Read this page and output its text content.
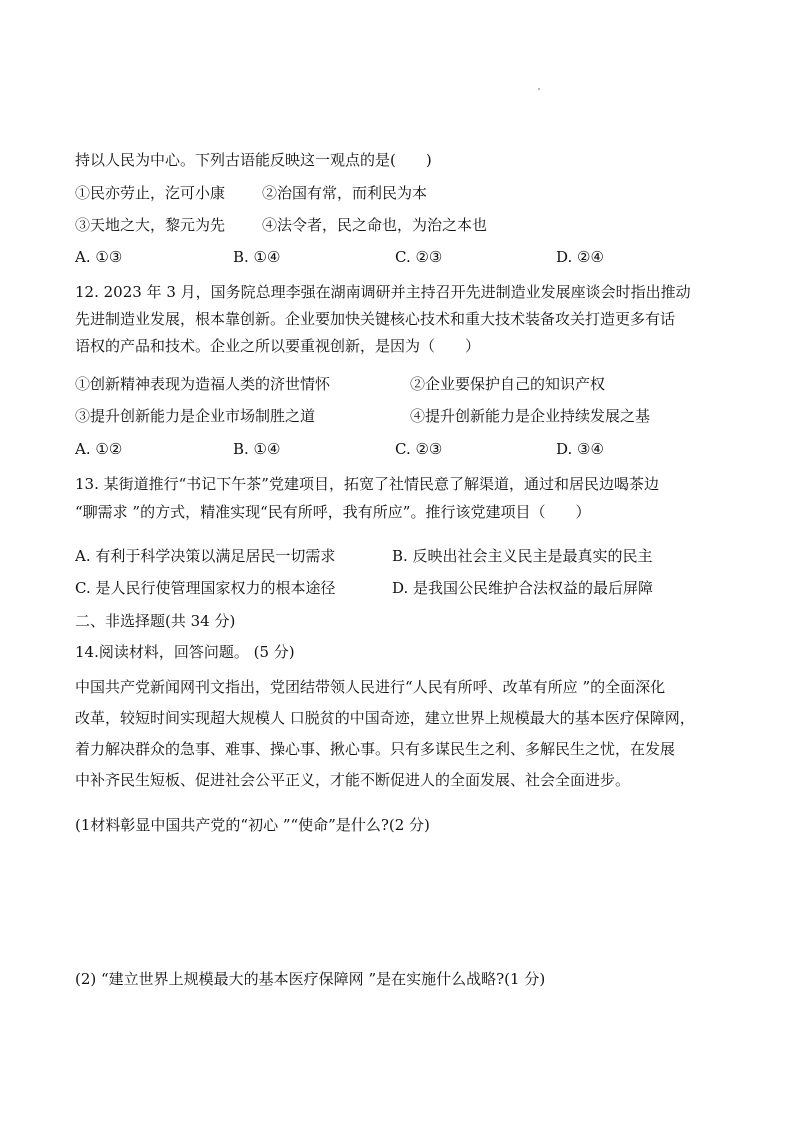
持以人民为中心。下列古语能反映这一观点的是(　　)
①民亦劳止，汔可小康 ②治国有常，而利民为本
③天地之大，黎元为先 ④法令者，民之命也，为治之本也
A. ①③	B. ①④	C. ②③	D. ②④
12. 2023 年 3 月，国务院总理李强在湖南调研并主持召开先进制造业发展座谈会时指出推动
先进制造业发展，根本靠创新。企业要加快关键核心技术和重大技术装备攻关打造更多有话
语权的产品和技术。企业之所以要重视创新，是因为（　　）
①创新精神表现为造福人类的济世情怀	②企业要保护自己的知识产权
③提升创新能力是企业市场制胜之道	④提升创新能力是企业持续发展之基
A. ①②	B. ①④	C. ②③	D. ③④
13. 某街道推行“书记下午茶”党建项目，拓宽了社情民意了解渠道，通过和居民边喝茶边
“聊需求 ”的方式，精准实现“民有所呼，我有所应”。推行该党建项目（　　）
A. 有利于科学决策以满足居民一切需求	B. 反映出社会主义民主是最真实的民主
C. 是人民行使管理国家权力的根本途径	D. 是我国公民维护合法权益的最后屏障
二、非选择题(共 34 分)
14.阅读材料，回答问题。 (5 分)
中国共产党新闻网刊文指出，党团结带领人民进行“人民有所呼、改革有所应 ”的全面深化
改革，较短时间实现超大规模人 口脱贫的中国奇迹，建立世界上规模最大的基本医疗保障网，
着力解决群众的急事、难事、操心事、揪心事。只有多谋民生之利、多解民生之忧，在发展
中补齐民生短板、促进社会公平正义，才能不断促进人的全面发展、社会全面进步。
(1材料彰显中国共产党的“初心 ”“使命”是什么?(2 分)
(2) “建立世界上规模最大的基本医疗保障网 ”是在实施什么战略?(1 分)
